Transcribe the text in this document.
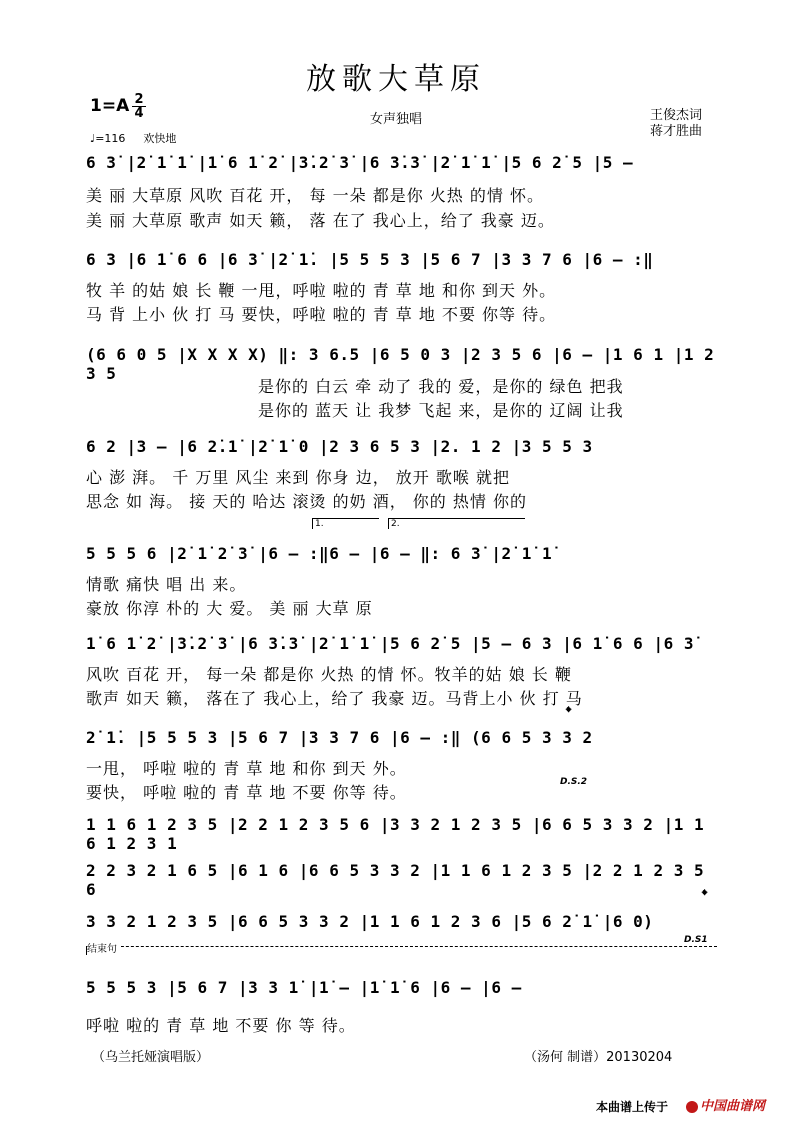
放歌大草原
1=A 2
4	女声独唱	王俊杰词
蒋才胜曲
♩=116 欢快地
6 3̇ |2̇ 1̇ 1̇ |1̇ 6 1̇ 2̇ |3̇.2̇ 3̇ |6 3̇.3̇ |2̇ 1̇ 1̇ |5 6 2̇ 5 |5 –
美 丽 大草原 风吹 百花 开， 每 一朵 都是你 火热 的情 怀。
美 丽 大草原 歌声 如天 籁， 落 在了 我心上，给了 我豪 迈。
6 3 |6 1̇ 6 6 |6 3̇ |2̇ 1̇. |5 5 5 3 |5 6 7 |3 3 7 6 |6 – :‖
牧 羊 的姑 娘 长 鞭 一甩，呼啦 啦的 青 草 地 和你 到天 外。
马 背 上小 伙 打 马 要快，呼啦 啦的 青 草 地 不要 你等 待。
(6 6 0 5 |X X X X) ‖: 3 6.5 |6 5 0 3 |2 3 5 6 |6 – |1 6 1 |1 2 3 5
是你的 白云 牵 动了 我的 爱，是你的 绿色 把我
是你的 蓝天 让 我梦 飞起 来，是你的 辽阔 让我
6 2 |3 – |6 2̇.1̇ |2̇ 1̇ 0 |2 3 6 5 3 |2. 1 2 |3 5 5 3
心 澎 湃。 千 万里 风尘 来到 你身 边， 放开 歌喉 就把
思念 如 海。 接 天的 哈达 滚烫 的奶 酒， 你的 热情 你的
1.	2.
5 5 5 6 |2̇ 1̇ 2̇ 3̇ |6 – :‖6 – |6 – ‖: 6 3̇ |2̇ 1̇ 1̇
情歌 痛快 唱 出 来。
豪放 你淳 朴的 大 爱。 美 丽 大草 原
1̇ 6 1̇ 2̇ |3̇.2̇ 3̇ |6 3̇.3̇ |2̇ 1̇ 1̇ |5 6 2̇ 5 |5 – 6 3 |6 1̇ 6 6 |6 3̇
风吹 百花 开， 每一朵 都是你 火热 的情 怀。牧羊的姑 娘 长 鞭
歌声 如天 籁， 落在了 我心上，给了 我豪 迈。马背上小 伙 打 马
𝄌
2̇ 1̇. |5 5 5 3 |5 6 7 |3 3 7 6 |6 – :‖ (6 6 5 3 3 2
一甩， 呼啦 啦的 青 草 地 和你 到天 外。
要快， 呼啦 啦的 青 草 地 不要 你等 待。
D.S.2
1 1 6 1 2 3 5 |2 2 1 2 3 5 6 |3 3 2 1 2 3 5 |6 6 5 3 3 2 |1 1 6 1 2 3 1
2 2 3 2 1 6 5 |6 1 6 |6 6 5 3 3 2 |1 1 6 1 2 3 5 |2 2 1 2 3 5 6	𝄌
3 3 2 1 2 3 5 |6 6 5 3 3 2 |1 1 6 1 2 3 6 |5 6 2̇ 1̇ |6 0)
D.S1
结束句
5 5 5 3 |5 6 7 |3 3 1̇ |1̇ – |1̇ 1̇ 6 |6 – |6 –
呼啦 啦的 青 草 地 不要 你 等 待。
（乌兰托娅演唱版）	（汤何 制谱）20130204
本曲谱上传于	中国曲谱网
